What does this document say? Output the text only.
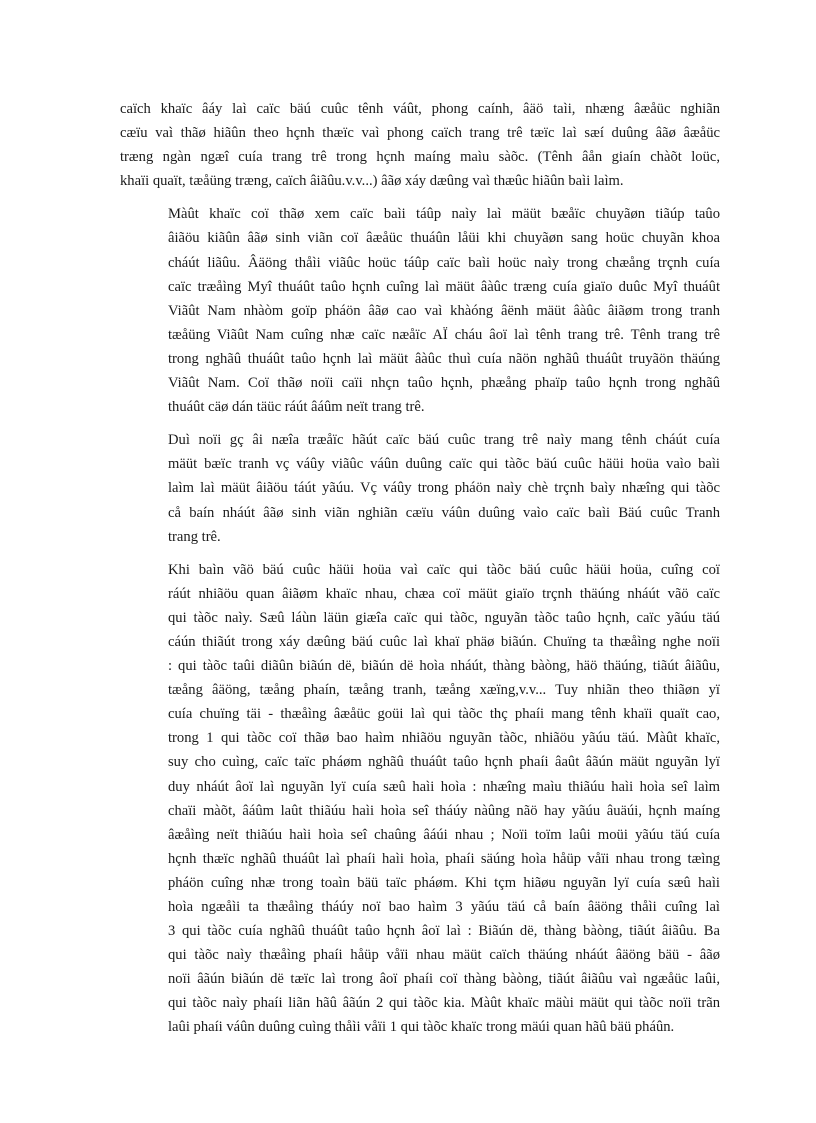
caïch khaïc âáy laì caïc bäú cuûc tênh váût, phong caính, âäö taìi, nhæng âæåüc nghiãn
cæïu vaì thãø hiãûn theo hçnh thæïc vaì phong caïch trang trê tæïc laì sæí duûng âãø âæåüc
træng ngàn ngæî cuía trang trê trong hçnh maíng maìu sàõc. (Tênh âån giaín chàõt loüc,
khaïi quaït, tæåüng træng, caïch âiãûu.v.v...) âãø xáy dæûng vaì thæûc hiãûn baìi laìm.
Màût khaïc coï thãø xem caïc baìi táûp naìy laì mäüt bæåïc chuyãøn tiãúp taûo
âiãöu kiãûn âãø sinh viãn coï âæåüc thuáûn låüi khi chuyãøn sang hoüc chuyãn khoa
cháút liãûu. Âäöng thåìi viãûc hoüc táûp caïc baìi hoüc naìy trong chæång trçnh cuía
caïc træåìng Myî thuáût taûo hçnh cuîng laì mäüt âàûc træng cuía giaïo duûc Myî thuáût
Viãût Nam nhàòm goïp pháön âãø cao vaì khàóng âënh mäüt âàûc âiãøm trong tranh
tæåüng Viãût Nam cuîng nhæ caïc næåïc AÏ cháu âoï laì tênh trang trê. Tênh trang trê
trong nghãû thuáût taûo hçnh laì mäüt âàûc thuì cuía nãön nghãû thuáût truyãön thäúng
Viãût Nam. Coï thãø noïi caïi nhçn taûo hçnh, phæång phaïp taûo hçnh trong nghãû
thuáût cäø dán täüc ráút âáûm neït trang trê.
Duì noïi gç âi næîa træåïc hãút caïc bäú cuûc trang trê naìy mang tênh cháút cuía
mäüt bæïc tranh vç váûy viãûc váûn duûng caïc qui tàõc bäú cuûc häüi hoüa vaìo baìi
laìm laì mäüt âiãöu táút yãúu. Vç váûy trong pháön naìy chè trçnh baìy nhæîng qui tàõc
cå baín nháút âãø sinh viãn nghiãn cæïu váûn duûng vaìo caïc baìi Bäú cuûc Tranh
trang trê.
Khi baìn vãö bäú cuûc häüi hoüa vaì caïc qui tàõc bäú cuûc häüi hoüa, cuîng coï
ráút nhiãöu quan âiãøm khaïc nhau, chæa coï mäüt giaïo trçnh thäúng nháút vãö caïc
qui tàõc naìy. Sæû láùn läün giæîa caïc qui tàõc, nguyãn tàõc taûo hçnh, caïc yãúu täú
cáún thiãút trong xáy dæûng bäú cuûc laì khaï phäø biãún. Chuïng ta thæåìng nghe noïi
: qui tàõc taûi diãûn biãún dë, biãún dë hoìa nháút, thàng bàòng, häö thäúng, tiãút âiãûu,
tæång âäöng, tæång phaín, tæång tranh, tæång xæïng,v.v... Tuy nhiãn theo thiãøn yï
cuía chuïng täi - thæåìng âæåüc goüi laì qui tàõc thç phaíi mang tênh khaïi quaït cao,
trong 1 qui tàõc coï thãø bao haìm nhiãöu nguyãn tàõc, nhiãöu yãúu täú. Màût khaïc,
suy cho cuìng, caïc taïc pháøm nghãû thuáût taûo hçnh phaíi âaût âãún mäüt nguyãn lyï
duy nháút âoï laì nguyãn lyï cuía sæû haìi hoìa : nhæîng maìu thiãúu haìi hoìa seî laìm
chaïi màõt, âáûm laût thiãúu haìi hoìa seî tháúy nàûng nãö hay yãúu âuäúi, hçnh maíng
âæåìng neït thiãúu haìi hoìa seî chaûng âáúi nhau ; Noïi toïm laûi moüi yãúu täú cuía
hçnh thæïc nghãû thuáût laì phaíi haìi hoìa, phaíi säúng hoìa håüp våïi nhau trong tæìng
pháön cuîng nhæ trong toaìn bäü taïc pháøm. Khi tçm hiãøu nguyãn lyï cuía sæû haìi
hoìa ngæåìi ta thæåìng tháúy noï bao haìm 3 yãúu täú cå baín âäöng thåìi cuîng laì
3 qui tàõc cuía nghãû thuáût taûo hçnh âoï laì : Biãún dë, thàng bàòng, tiãút âiãûu. Ba
qui tàõc naìy thæåìng phaíi håüp våïi nhau mäüt caïch thäúng nháút âäöng bäü - âãø
noïi âãún biãún dë tæïc laì trong âoï phaíi coï thàng bàòng, tiãút âiãûu vaì ngæåüc laûi,
qui tàõc naìy phaíi liãn hãû âãún 2 qui tàõc kia. Màût khaïc mäùi mäüt qui tàõc noïi trãn
laûi phaíi váûn duûng cuìng thåìi våïi 1 qui tàõc khaïc trong mäúi quan hãû bäü pháûn.
